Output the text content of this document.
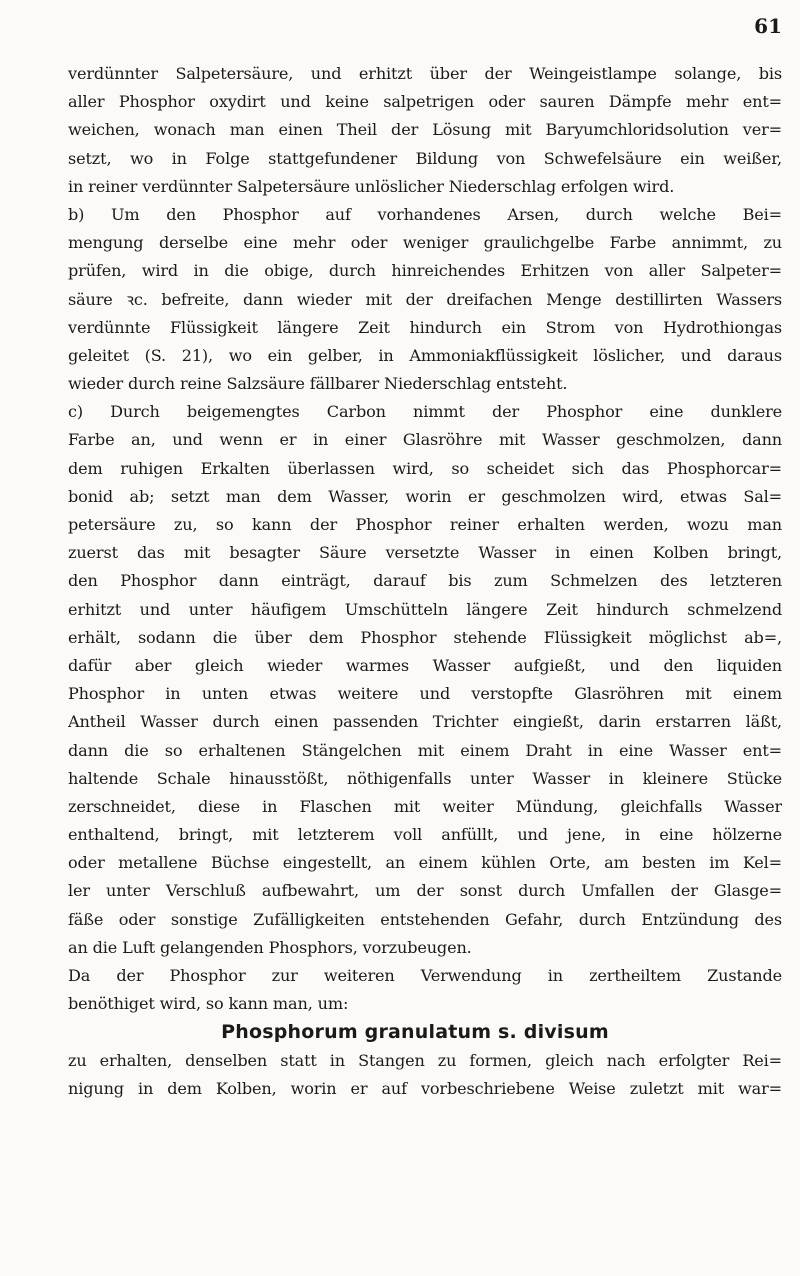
61
verdünnter Salpetersäure, und erhitzt über der Weingeistlampe solange, bis
aller Phosphor oxydirt und keine salpetrigen oder sauren Dämpfe mehr ent=
weichen, wonach man einen Theil der Lösung mit Baryumchloridsolution ver=
setzt, wo in Folge stattgefundener Bildung von Schwefelsäure ein weißer,
in reiner verdünnter Salpetersäure unlöslicher Niederschlag erfolgen wird.
b) Um den Phosphor auf vorhandenes Arsen, durch welche Bei=
mengung derselbe eine mehr oder weniger graulichgelbe Farbe annimmt, zu
prüfen, wird in die obige, durch hinreichendes Erhitzen von aller Salpeter=
säure ꝛc. befreite, dann wieder mit der dreifachen Menge destillirten Wassers
verdünnte Flüssigkeit längere Zeit hindurch ein Strom von Hydrothiongas
geleitet (S. 21), wo ein gelber, in Ammoniakflüssigkeit löslicher, und daraus
wieder durch reine Salzsäure fällbarer Niederschlag entsteht.
c) Durch beigemengtes Carbon nimmt der Phosphor eine dunklere
Farbe an, und wenn er in einer Glasröhre mit Wasser geschmolzen, dann
dem ruhigen Erkalten überlassen wird, so scheidet sich das Phosphorcar=
bonid ab; setzt man dem Wasser, worin er geschmolzen wird, etwas Sal=
petersäure zu, so kann der Phosphor reiner erhalten werden, wozu man
zuerst das mit besagter Säure versetzte Wasser in einen Kolben bringt,
den Phosphor dann einträgt, darauf bis zum Schmelzen des letzteren
erhitzt und unter häufigem Umschütteln längere Zeit hindurch schmelzend
erhält, sodann die über dem Phosphor stehende Flüssigkeit möglichst ab=,
dafür aber gleich wieder warmes Wasser aufgießt, und den liquiden
Phosphor in unten etwas weitere und verstopfte Glasröhren mit einem
Antheil Wasser durch einen passenden Trichter eingießt, darin erstarren läßt,
dann die so erhaltenen Stängelchen mit einem Draht in eine Wasser ent=
haltende Schale hinausstößt, nöthigenfalls unter Wasser in kleinere Stücke
zerschneidet, diese in Flaschen mit weiter Mündung, gleichfalls Wasser
enthaltend, bringt, mit letzterem voll anfüllt, und jene, in eine hölzerne
oder metallene Büchse eingestellt, an einem kühlen Orte, am besten im Kel=
ler unter Verschluß aufbewahrt, um der sonst durch Umfallen der Glasge=
fäße oder sonstige Zufälligkeiten entstehenden Gefahr, durch Entzündung des
an die Luft gelangenden Phosphors, vorzubeugen.
Da der Phosphor zur weiteren Verwendung in zertheiltem Zustande
benöthiget wird, so kann man, um:
Phosphorum granulatum s. divisum
zu erhalten, denselben statt in Stangen zu formen, gleich nach erfolgter Rei=
nigung in dem Kolben, worin er auf vorbeschriebene Weise zuletzt mit war=
